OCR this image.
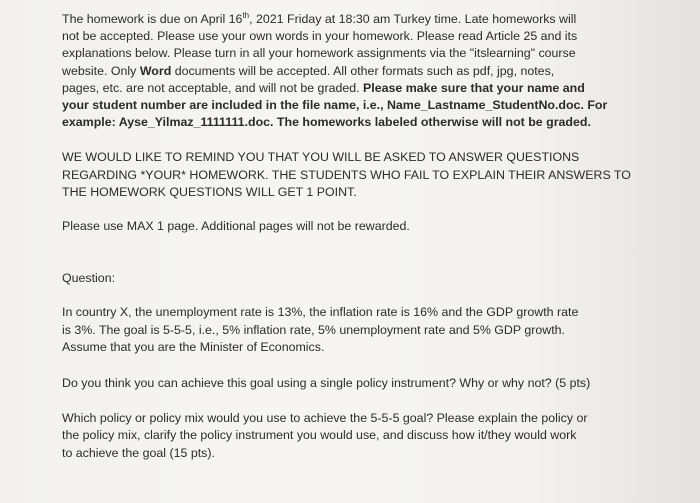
The homework is due on April 16th, 2021 Friday at 18:30 am Turkey time. Late homeworks will
not be accepted. Please use your own words in your homework. Please read Article 25 and its
explanations below. Please turn in all your homework assignments via the "itslearning" course
website. Only Word documents will be accepted. All other formats such as pdf, jpg, notes,
pages, etc. are not acceptable, and will not be graded. Please make sure that your name and
your student number are included in the file name, i.e., Name_Lastname_StudentNo.doc. For
example: Ayse_Yilmaz_1111111.doc. The homeworks labeled otherwise will not be graded.

WE WOULD LIKE TO REMIND YOU THAT YOU WILL BE ASKED TO ANSWER QUESTIONS
REGARDING *YOUR* HOMEWORK. THE STUDENTS WHO FAIL TO EXPLAIN THEIR ANSWERS TO
THE HOMEWORK QUESTIONS WILL GET 1 POINT.

Please use MAX 1 page. Additional pages will not be rewarded.

Question:

In country X, the unemployment rate is 13%, the inflation rate is 16% and the GDP growth rate
is 3%. The goal is 5-5-5, i.e., 5% inflation rate, 5% unemployment rate and 5% GDP growth.
Assume that you are the Minister of Economics.

Do you think you can achieve this goal using a single policy instrument? Why or why not? (5 pts)

Which policy or policy mix would you use to achieve the 5-5-5 goal? Please explain the policy or
the policy mix, clarify the policy instrument you would use, and discuss how it/they would work
to achieve the goal (15 pts).
